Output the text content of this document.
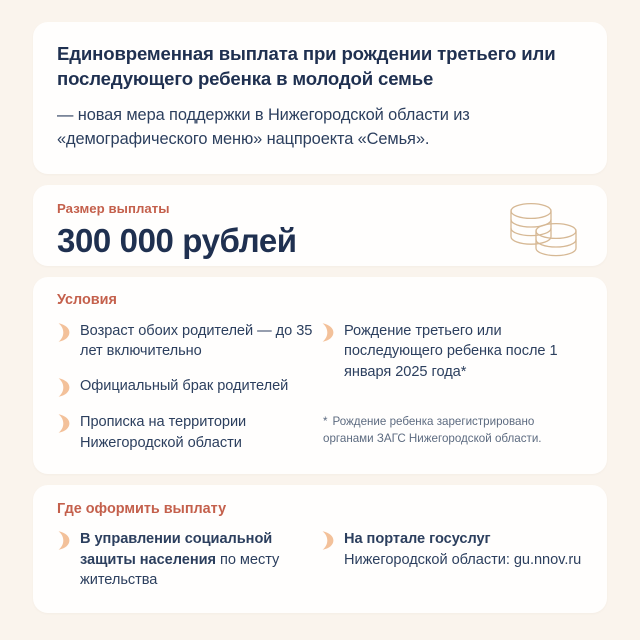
Единовременная выплата при рождении третьего или последующего ребенка в молодой семье

— новая мера поддержки в Нижегородской области из «демографического меню» нацпроекта «Семья».

Размер выплаты
300 000 рублей
Условия
Возраст обоих родителей — до 35 лет включительно
Официальный брак родителей
Прописка на территории Нижегородской области
Рождение третьего или последующего ребенка после 1 января 2025 года*
* Рождение ребенка зарегистрировано органами ЗАГС Нижегородской области.
Где оформить выплату
В управлении социальной защиты населения по месту жительства
На портале госуслуг
Нижегородской области: gu.nnov.ru
